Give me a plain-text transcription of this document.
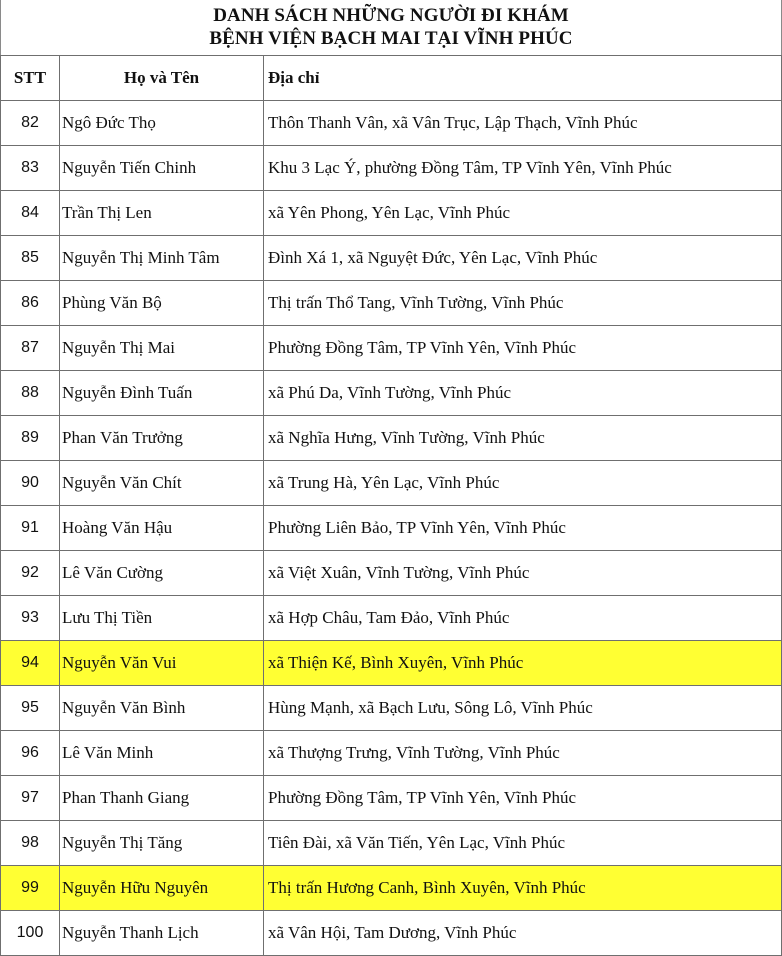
DANH SÁCH NHỮNG NGƯỜI ĐI KHÁM
BỆNH VIỆN BẠCH MAI TẠI VĨNH PHÚC
STT	Họ và Tên	Địa chỉ
82	Ngô Đức Thọ	Thôn Thanh Vân, xã Vân Trục, Lập Thạch, Vĩnh Phúc
83	Nguyễn Tiến Chinh	Khu 3 Lạc Ý, phường Đồng Tâm, TP Vĩnh Yên, Vĩnh Phúc
84	Trần Thị Len	xã Yên Phong, Yên Lạc, Vĩnh Phúc
85	Nguyễn Thị Minh Tâm	Đình Xá 1, xã Nguyệt Đức, Yên Lạc, Vĩnh Phúc
86	Phùng Văn Bộ	Thị trấn Thổ Tang, Vĩnh Tường, Vĩnh Phúc
87	Nguyễn Thị Mai	Phường Đồng Tâm, TP Vĩnh Yên, Vĩnh Phúc
88	Nguyễn Đình Tuấn	xã Phú Da, Vĩnh Tường, Vĩnh Phúc
89	Phan Văn Trưởng	xã Nghĩa Hưng, Vĩnh Tường, Vĩnh Phúc
90	Nguyễn Văn Chít	xã Trung Hà, Yên Lạc, Vĩnh Phúc
91	Hoàng Văn Hậu	Phường Liên Bảo, TP Vĩnh Yên, Vĩnh Phúc
92	Lê Văn Cường	xã Việt Xuân, Vĩnh Tường, Vĩnh Phúc
93	Lưu Thị Tiền	xã Hợp Châu, Tam Đảo, Vĩnh Phúc
94	Nguyễn Văn Vui	xã Thiện Kế, Bình Xuyên, Vĩnh Phúc
95	Nguyễn Văn Bình	Hùng Mạnh, xã Bạch Lưu, Sông Lô, Vĩnh Phúc
96	Lê Văn Minh	xã Thượng Trưng, Vĩnh Tường, Vĩnh Phúc
97	Phan Thanh Giang	Phường Đồng Tâm, TP Vĩnh Yên, Vĩnh Phúc
98	Nguyễn Thị Tăng	Tiên Đài, xã Văn Tiến, Yên Lạc, Vĩnh Phúc
99	Nguyễn Hữu Nguyên	Thị trấn Hương Canh, Bình Xuyên, Vĩnh Phúc
100	Nguyễn Thanh Lịch	xã Vân Hội, Tam Dương, Vĩnh Phúc
